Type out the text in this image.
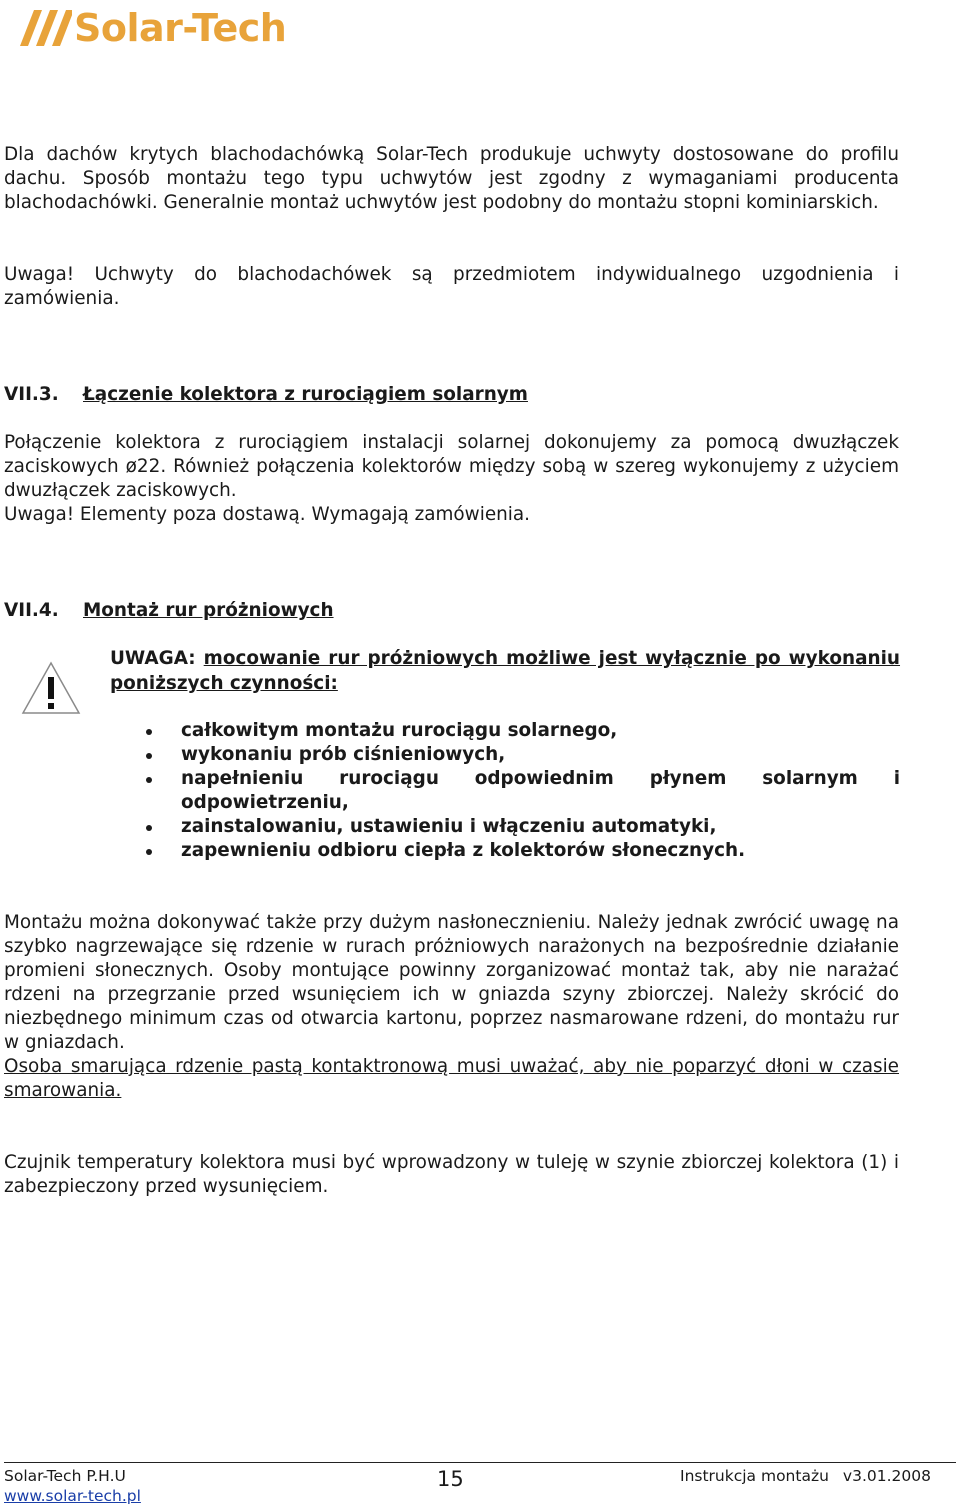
Solar-Tech

Dla dachów krytych blachodachówką Solar-Tech produkuje uchwyty dostosowane do profilu dachu. Sposób montażu tego typu uchwytów jest zgodny z wymaganiami producenta blachodachówki. Generalnie montaż uchwytów jest podobny do montażu stopni kominiarskich.

Uwaga! Uchwyty do blachodachówek są przedmiotem indywidualnego uzgodnienia i zamówienia.

VII.3. Łączenie kolektora z rurociągiem solarnym

Połączenie kolektora z rurociągiem instalacji solarnej dokonujemy za pomocą dwuzłączek zaciskowych ø22. Również połączenia kolektorów między sobą w szereg wykonujemy z użyciem dwuzłączek zaciskowych.

Uwaga! Elementy poza dostawą. Wymagają zamówienia.

VII.4. Montaż rur próżniowych
UWAGA: mocowanie rur próżniowych możliwe jest wyłącznie po wykonaniu poniższych czynności:
całkowitym montażu rurociągu solarnego,
wykonaniu prób ciśnieniowych,
napełnieniu rurociągu odpowiednim płynem solarnym i odpowietrzeniu,
zainstalowaniu, ustawieniu i włączeniu automatyki,
zapewnieniu odbioru ciepła z kolektorów słonecznych.

Montażu można dokonywać także przy dużym nasłonecznieniu. Należy jednak zwrócić uwagę na szybko nagrzewające się rdzenie w rurach próżniowych narażonych na bezpośrednie działanie promieni słonecznych. Osoby montujące powinny zorganizować montaż tak, aby nie narażać rdzeni na przegrzanie przed wsunięciem ich w gniazda szyny zbiorczej. Należy skrócić do niezbędnego minimum czas od otwarcia kartonu, poprzez nasmarowane rdzeni, do montażu rur w gniazdach.

Osoba smarująca rdzenie pastą kontaktronową musi uważać, aby nie poparzyć dłoni w czasie smarowania.

Czujnik temperatury kolektora musi być wprowadzony w tuleję w szynie zbiorczej kolektora (1) i zabezpieczony przed wysunięciem.

Solar-Tech P.H.U
www.solar-tech.pl
15	Instrukcja montażu v3.01.2008
